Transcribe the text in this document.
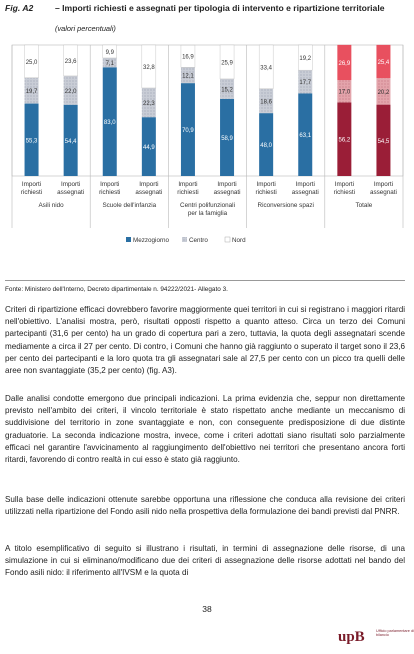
Fig. A2	– Importi richiesti e assegnati per tipologia di intervento e ripartizione territoriale
(valori percentuali)
55,3
19,7
25,0
Importi
richiesti
54,4
22,0
23,6
Importi
assegnati
83,0
7,1
9,9
Importi
richiesti
44,9
22,3
32,8
Importi
assegnati
70,9
12,1
16,9
Importi
richiesti
58,9
15,2
25,9
Importi
assegnati
48,0
18,6
33,4
Importi
richiesti
63,1
17,7
19,2
Importi
assegnati
56,2
17,0
26,9
Importi
richiesti
54,5
20,2
25,4
Importi
assegnati
Asili nido	Scuole dell'infanzia	Centri polifunzionali
per la famiglia
Riconversione spazi	Totale
Mezzogiorno	Centro	Nord
Fonte: Ministero dell'Interno, Decreto dipartimentale n. 94222/2021- Allegato 3.

Criteri di ripartizione efficaci dovrebbero favorire maggiormente quei territori in cui si registrano i maggiori ritardi nell'obiettivo. L'analisi mostra, però, risultati opposti rispetto a quanto atteso. Circa un terzo dei Comuni partecipanti (31,6 per cento) ha un grado di copertura pari a zero, tuttavia, la quota degli assegnatari scende mediamente a circa il 27 per cento. Di contro, i Comuni che hanno già raggiunto o superato il target sono il 23,6 per cento dei partecipanti e la loro quota tra gli assegnatari sale al 27,5 per cento con un picco tra quelli delle aree non svantaggiate (35,2 per cento) (fig. A3).

Dalle analisi condotte emergono due principali indicazioni. La prima evidenzia che, seppur non direttamente previsto nell'ambito dei criteri, il vincolo territoriale è stato rispettato anche mediante un meccanismo di suddivisione del territorio in zone svantaggiate e non, con conseguente predisposizione di due distinte graduatorie. La seconda indicazione mostra, invece, come i criteri adottati siano risultati solo parzialmente efficaci nel garantire l'avvicinamento al raggiungimento dell'obiettivo nei territori che presentano ancora forti ritardi, favorendo di contro realtà in cui esso è stato già raggiunto.

Sulla base delle indicazioni ottenute sarebbe opportuna una riflessione che conduca alla revisione dei criteri utilizzati nella ripartizione del Fondo asili nido nella prospettiva della formulazione dei bandi previsti dal PNRR.

A titolo esemplificativo di seguito si illustrano i risultati, in termini di assegnazione delle risorse, di una simulazione in cui si eliminano/modificano due dei criteri di assegnazione delle risorse adottati nel bando del Fondo asili nido: il riferimento all'IVSM e la quota di

38
upB	Ufficio parlamentare di bilancio
